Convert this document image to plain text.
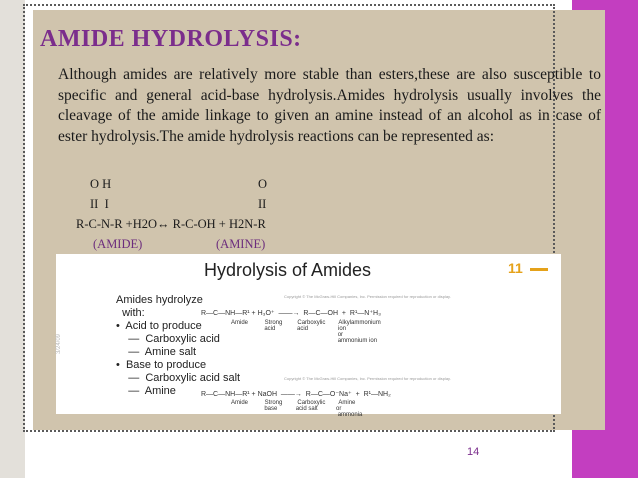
AMIDE HYDROLYSIS:

Although amides are relatively more stable than esters,these are also susceptible to specific and general acid-base hydrolysis.Amides hydrolysis usually involves the cleavage of the amide linkage to given an amine instead of an alcohol as in case of ester hydrolysis.The amide hydrolysis reactions can be represented as:

O H	O
II  I	II
R-C-N-R +H2O↔ R-C-OH + H2N-R
(AMIDE)	(AMINE)
Hydrolysis of Amides	11
3/24/09
Amides hydrolyze
with:
•  Acid to produce
—  Carboxylic acid
—  Amine salt
•  Base to produce
—  Carboxylic acid salt
—  Amine
Copyright © The McGraw-Hill Companies, Inc. Permission required for reproduction or display.
R—C—NH—R¹ + H₃O⁺  ——→  R—C—OH  +  R¹—N⁺H₃
Amide          Strong         Carboxylic        Alkylammonium
acid             acid                  ion
or
ammonium ion
Copyright © The McGraw-Hill Companies, Inc. Permission required for reproduction or display.
R—C—NH—R¹ + NaOH  ——→  R—C—O⁻Na⁺  +  R¹—NH₂
Amide          Strong         Carboxylic        Amine
base           acid salt           or
ammonia
14
